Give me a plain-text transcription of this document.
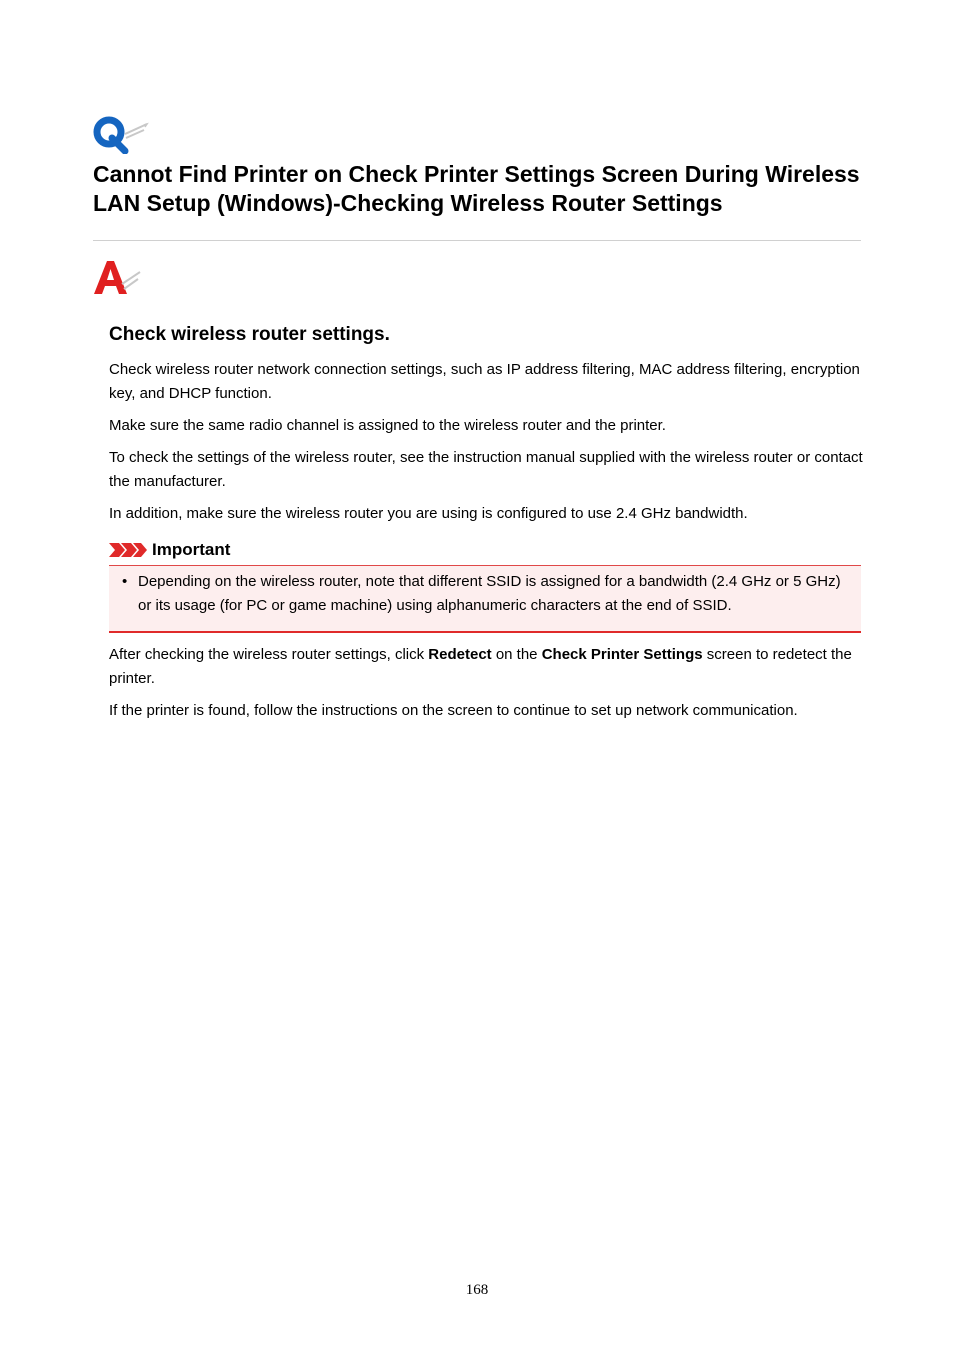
Cannot Find Printer on Check Printer Settings Screen During Wireless LAN Setup (Windows)-Checking Wireless Router Settings
Check wireless router settings.

Check wireless router network connection settings, such as IP address filtering, MAC address filtering, encryption key, and DHCP function.

Make sure the same radio channel is assigned to the wireless router and the printer.

To check the settings of the wireless router, see the instruction manual supplied with the wireless router or contact the manufacturer.

In addition, make sure the wireless router you are using is configured to use 2.4 GHz bandwidth.

Important
• Depending on the wireless router, note that different SSID is assigned for a bandwidth (2.4 GHz or 5 GHz) or its usage (for PC or game machine) using alphanumeric characters at the end of SSID.

After checking the wireless router settings, click Redetect on the Check Printer Settings screen to redetect the printer.

If the printer is found, follow the instructions on the screen to continue to set up network communication.

168
